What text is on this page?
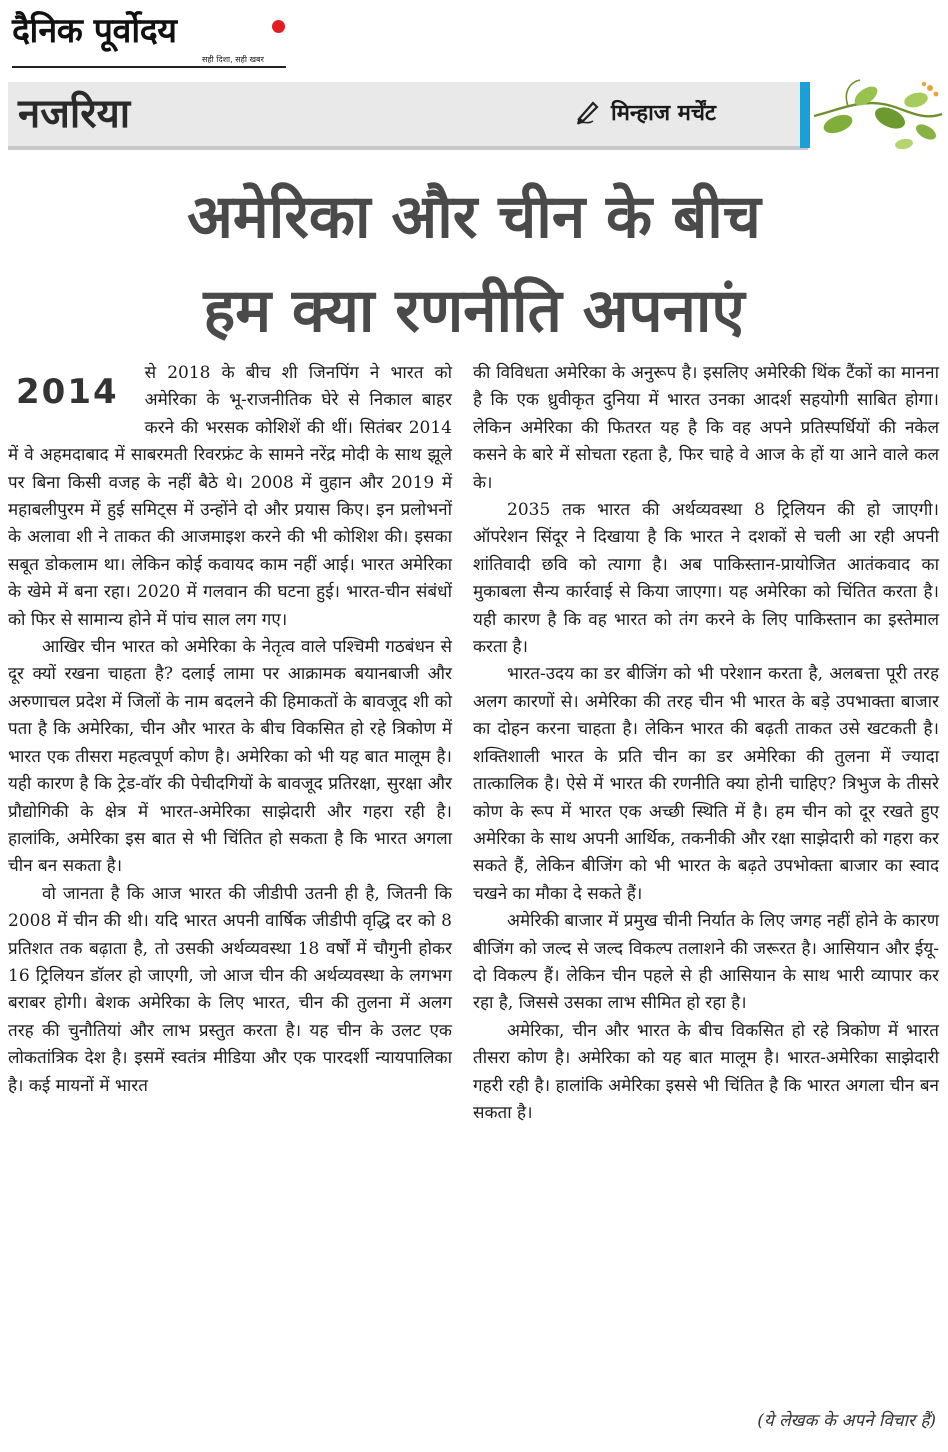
दैनिक पूर्वोदय
सही दिशा, सही खबर
नजरिया	मिन्हाज मर्चेंट
अमेरिका और चीन के बीच
हम क्या रणनीति अपनाएं

2014 से 2018 के बीच शी जिनपिंग ने भारत को अमेरिका के भू-राजनीतिक घेरे से निकाल बाहर करने की भरसक कोशिशें की थीं। सितंबर 2014 में वे अहमदाबाद में साबरमती रिवरफ्रंट के सामने नरेंद्र मोदी के साथ झूले पर बिना किसी वजह के नहीं बैठे थे। 2008 में वुहान और 2019 में महाबलीपुरम में हुई समिट्स में उन्होंने दो और प्रयास किए। इन प्रलोभनों के अलावा शी ने ताकत की आजमाइश करने की भी कोशिश की। इसका सबूत डोकलाम था। लेकिन कोई कवायद काम नहीं आई। भारत अमेरिका के खेमे में बना रहा। 2020 में गलवान की घटना हुई। भारत-चीन संबंधों को फिर से सामान्य होने में पांच साल लग गए।

आखिर चीन भारत को अमेरिका के नेतृत्व वाले पश्चिमी गठबंधन से दूर क्यों रखना चाहता है? दलाई लामा पर आक्रामक बयानबाजी और अरुणाचल प्रदेश में जिलों के नाम बदलने की हिमाकतों के बावजूद शी को पता है कि अमेरिका, चीन और भारत के बीच विकसित हो रहे त्रिकोण में भारत एक तीसरा महत्वपूर्ण कोण है। अमेरिका को भी यह बात मालूम है। यही कारण है कि ट्रेड-वॉर की पेचीदगियों के बावजूद प्रतिरक्षा, सुरक्षा और प्रौद्योगिकी के क्षेत्र में भारत-अमेरिका साझेदारी और गहरा रही है। हालांकि, अमेरिका इस बात से भी चिंतित हो सकता है कि भारत अगला चीन बन सकता है।

वो जानता है कि आज भारत की जीडीपी उतनी ही है, जितनी कि 2008 में चीन की थी। यदि भारत अपनी वार्षिक जीडीपी वृद्धि दर को 8 प्रतिशत तक बढ़ाता है, तो उसकी अर्थव्यवस्था 18 वर्षों में चौगुनी होकर 16 ट्रिलियन डॉलर हो जाएगी, जो आज चीन की अर्थव्यवस्था के लगभग बराबर होगी। बेशक अमेरिका के लिए भारत, चीन की तुलना में अलग तरह की चुनौतियां और लाभ प्रस्तुत करता है। यह चीन के उलट एक लोकतांत्रिक देश है। इसमें स्वतंत्र मीडिया और एक पारदर्शी न्यायपालिका है। कई मायनों में भारत

की विविधता अमेरिका के अनुरूप है। इसलिए अमेरिकी थिंक टैंकों का मानना है कि एक ध्रुवीकृत दुनिया में भारत उनका आदर्श सहयोगी साबित होगा। लेकिन अमेरिका की फितरत यह है कि वह अपने प्रतिस्पर्धियों की नकेल कसने के बारे में सोचता रहता है, फिर चाहे वे आज के हों या आने वाले कल के।

2035 तक भारत की अर्थव्यवस्था 8 ट्रिलियन की हो जाएगी। ऑपरेशन सिंदूर ने दिखाया है कि भारत ने दशकों से चली आ रही अपनी शांतिवादी छवि को त्यागा है। अब पाकिस्तान-प्रायोजित आतंकवाद का मुकाबला सैन्य कार्रवाई से किया जाएगा। यह अमेरिका को चिंतित करता है। यही कारण है कि वह भारत को तंग करने के लिए पाकिस्तान का इस्तेमाल करता है।

भारत-उदय का डर बीजिंग को भी परेशान करता है, अलबत्ता पूरी तरह अलग कारणों से। अमेरिका की तरह चीन भी भारत के बड़े उपभाक्ता बाजार का दोहन करना चाहता है। लेकिन भारत की बढ़ती ताकत उसे खटकती है। शक्तिशाली भारत के प्रति चीन का डर अमेरिका की तुलना में ज्यादा तात्कालिक है। ऐसे में भारत की रणनीति क्या होनी चाहिए? त्रिभुज के तीसरे कोण के रूप में भारत एक अच्छी स्थिति में है। हम चीन को दूर रखते हुए अमेरिका के साथ अपनी आर्थिक, तकनीकी और रक्षा साझेदारी को गहरा कर सकते हैं, लेकिन बीजिंग को भी भारत के बढ़ते उपभोक्ता बाजार का स्वाद चखने का मौका दे सकते हैं।

अमेरिकी बाजार में प्रमुख चीनी निर्यात के लिए जगह नहीं होने के कारण बीजिंग को जल्द से जल्द विकल्प तलाशने की जरूरत है। आसियान और ईयू- दो विकल्प हैं। लेकिन चीन पहले से ही आसियान के साथ भारी व्यापार कर रहा है, जिससे उसका लाभ सीमित हो रहा है।

अमेरिका, चीन और भारत के बीच विकसित हो रहे त्रिकोण में भारत तीसरा कोण है। अमेरिका को यह बात मालूम है। भारत-अमेरिका साझेदारी गहरी रही है। हालांकि अमेरिका इससे भी चिंतित है कि भारत अगला चीन बन सकता है।

(ये लेखक के अपने विचार हैं)
